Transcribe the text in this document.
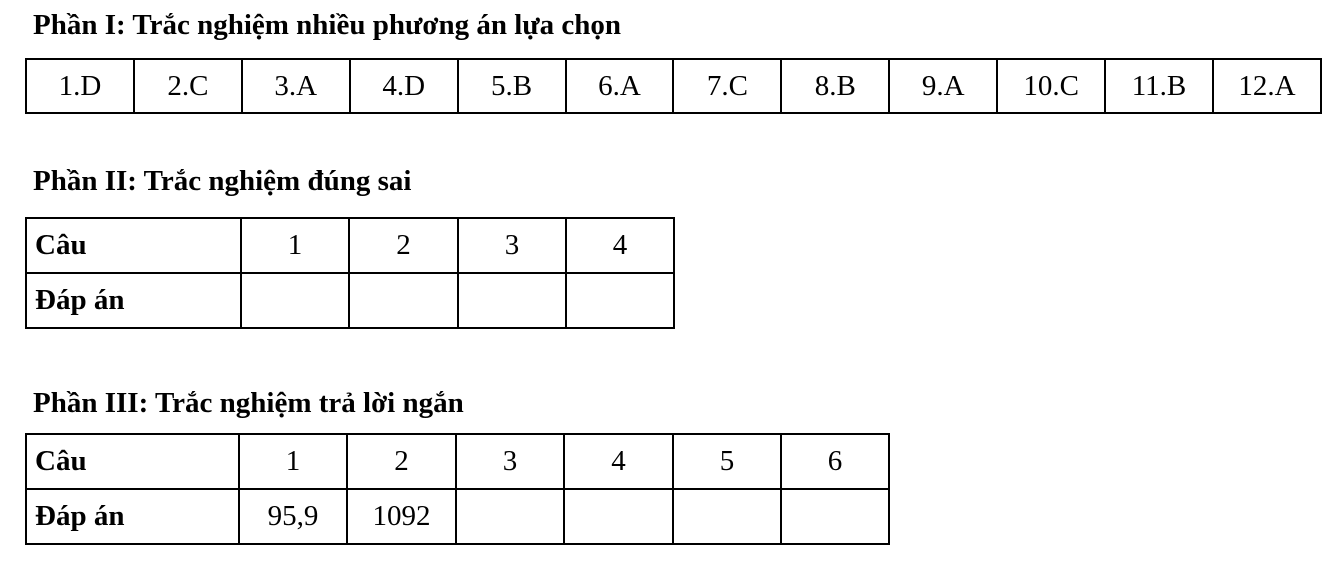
Phần I: Trắc nghiệm nhiều phương án lựa chọn
1.D	2.C	3.A	4.D	5.B	6.A	7.C	8.B	9.A	10.C	11.B	12.A
Phần II: Trắc nghiệm đúng sai
Câu	1	2	3	4
Đáp án				
Phần III: Trắc nghiệm trả lời ngắn
Câu	1	2	3	4	5	6
Đáp án	95,9	1092				
